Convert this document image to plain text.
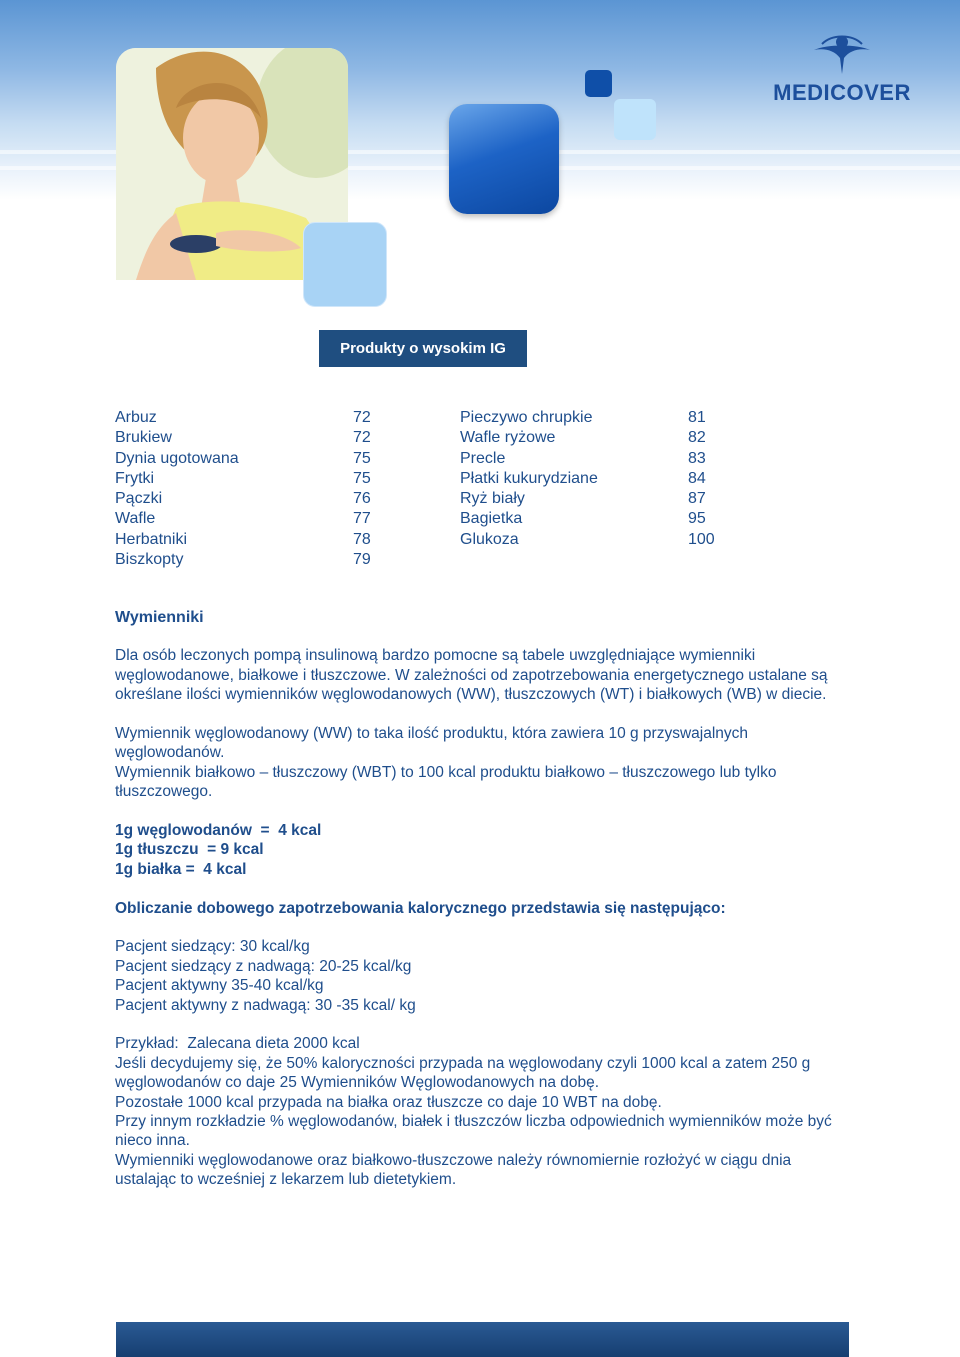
MEDICOVER
Produkty o wysokim IG
Arbuz	72
Brukiew	72
Dynia ugotowana	75
Frytki	75
Pączki	76
Wafle	77
Herbatniki	78
Biszkopty	79
Pieczywo chrupkie	81
Wafle ryżowe	82
Precle	83
Płatki kukurydziane	84
Ryż biały	87
Bagietka	95
Glukoza	100

Wymienniki

Dla osób leczonych pompą insulinową bardzo pomocne są tabele uwzględniające wymienniki węglowodanowe, białkowe i tłuszczowe. W zależności od zapotrzebowania energetycznego ustalane są określane ilości wymienników węglowodanowych (WW), tłuszczowych (WT) i białkowych (WB) w diecie.

Wymiennik węglowodanowy (WW) to taka ilość produktu, która zawiera 10 g przyswajalnych węglowodanów.

Wymiennik białkowo – tłuszczowy (WBT) to 100 kcal produktu białkowo – tłuszczowego lub tylko tłuszczowego.

1g węglowodanów  =  4 kcal

1g tłuszczu  = 9 kcal

1g białka =  4 kcal

Obliczanie dobowego zapotrzebowania kalorycznego przedstawia się następująco:

Pacjent siedzący: 30 kcal/kg

Pacjent siedzący z nadwagą: 20-25 kcal/kg

Pacjent aktywny 35-40 kcal/kg

Pacjent aktywny z nadwagą: 30 -35 kcal/ kg

Przykład:  Zalecana dieta 2000 kcal

Jeśli decydujemy się, że 50% kaloryczności przypada na węglowodany czyli 1000 kcal a zatem 250 g węglowodanów co daje 25 Wymienników Węglowodanowych na dobę.

Pozostałe 1000 kcal przypada na białka oraz tłuszcze co daje 10 WBT na dobę.

Przy innym rozkładzie % węglowodanów, białek i tłuszczów liczba odpowiednich wymienników może być nieco inna.

Wymienniki węglowodanowe oraz białkowo-tłuszczowe należy równomiernie rozłożyć w ciągu dnia ustalając to wcześniej z lekarzem lub dietetykiem.
